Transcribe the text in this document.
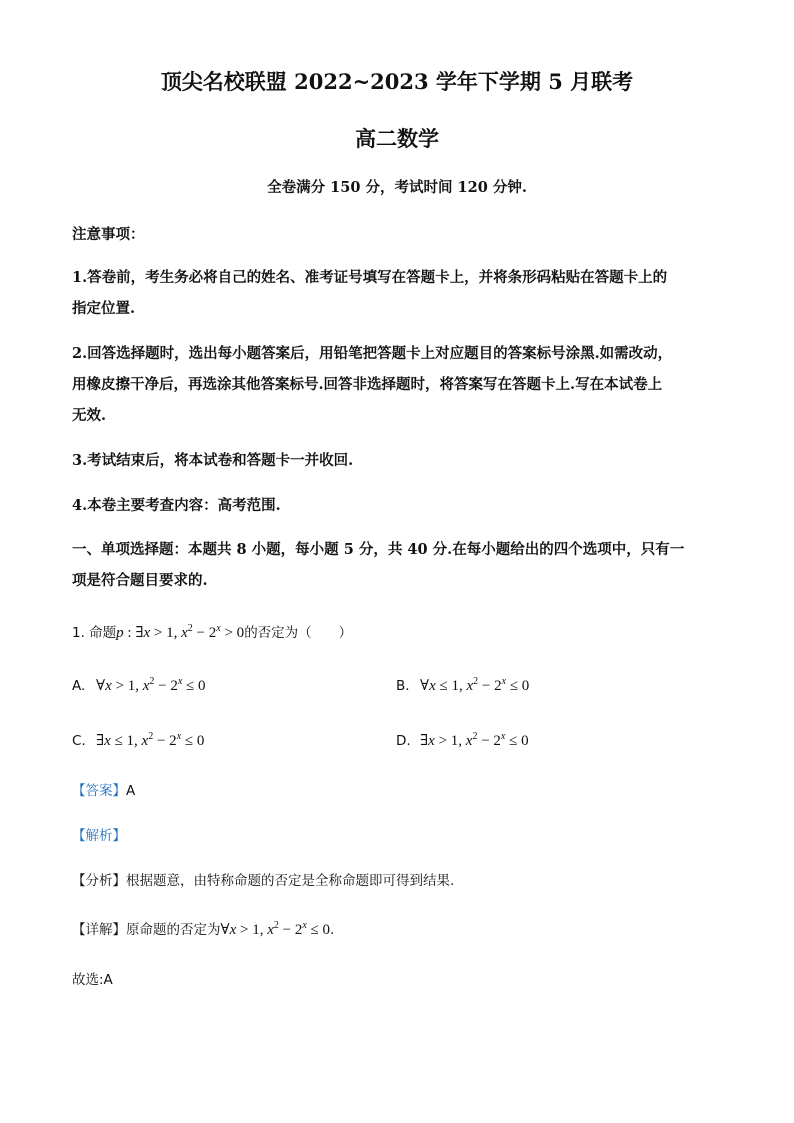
顶尖名校联盟 2022~2023 学年下学期 5 月联考
高二数学
全卷满分 150 分，考试时间 120 分钟.
注意事项：
1.答卷前，考生务必将自己的姓名、准考证号填写在答题卡上，并将条形码粘贴在答题卡上的
指定位置.
2.回答选择题时，选出每小题答案后，用铅笔把答题卡上对应题目的答案标号涂黑.如需改动，
用橡皮擦干净后，再选涂其他答案标号.回答非选择题时，将答案写在答题卡上.写在本试卷上
无效.
3.考试结束后，将本试卷和答题卡一并收回.
4.本卷主要考查内容：高考范围.
一、单项选择题：本题共 8 小题，每小题 5 分，共 40 分.在每小题给出的四个选项中，只有一
项是符合题目要求的.
1. 命题p : ∃x > 1, $x^2 - 2^x > 0$的否定为（　　）
A. ∀x > 1, $x^2 - 2^x \le 0$	B. ∀x ≤ 1, $x^2 - 2^x \le 0$
C. ∃x ≤ 1, $x^2 - 2^x \le 0$	D. ∃x > 1, $x^2 - 2^x \le 0$
【答案】A
【解析】
【分析】根据题意，由特称命题的否定是全称命题即可得到结果.
【详解】原命题的否定为∀x > 1, $x^2 - 2^x \le 0$.
故选:A
